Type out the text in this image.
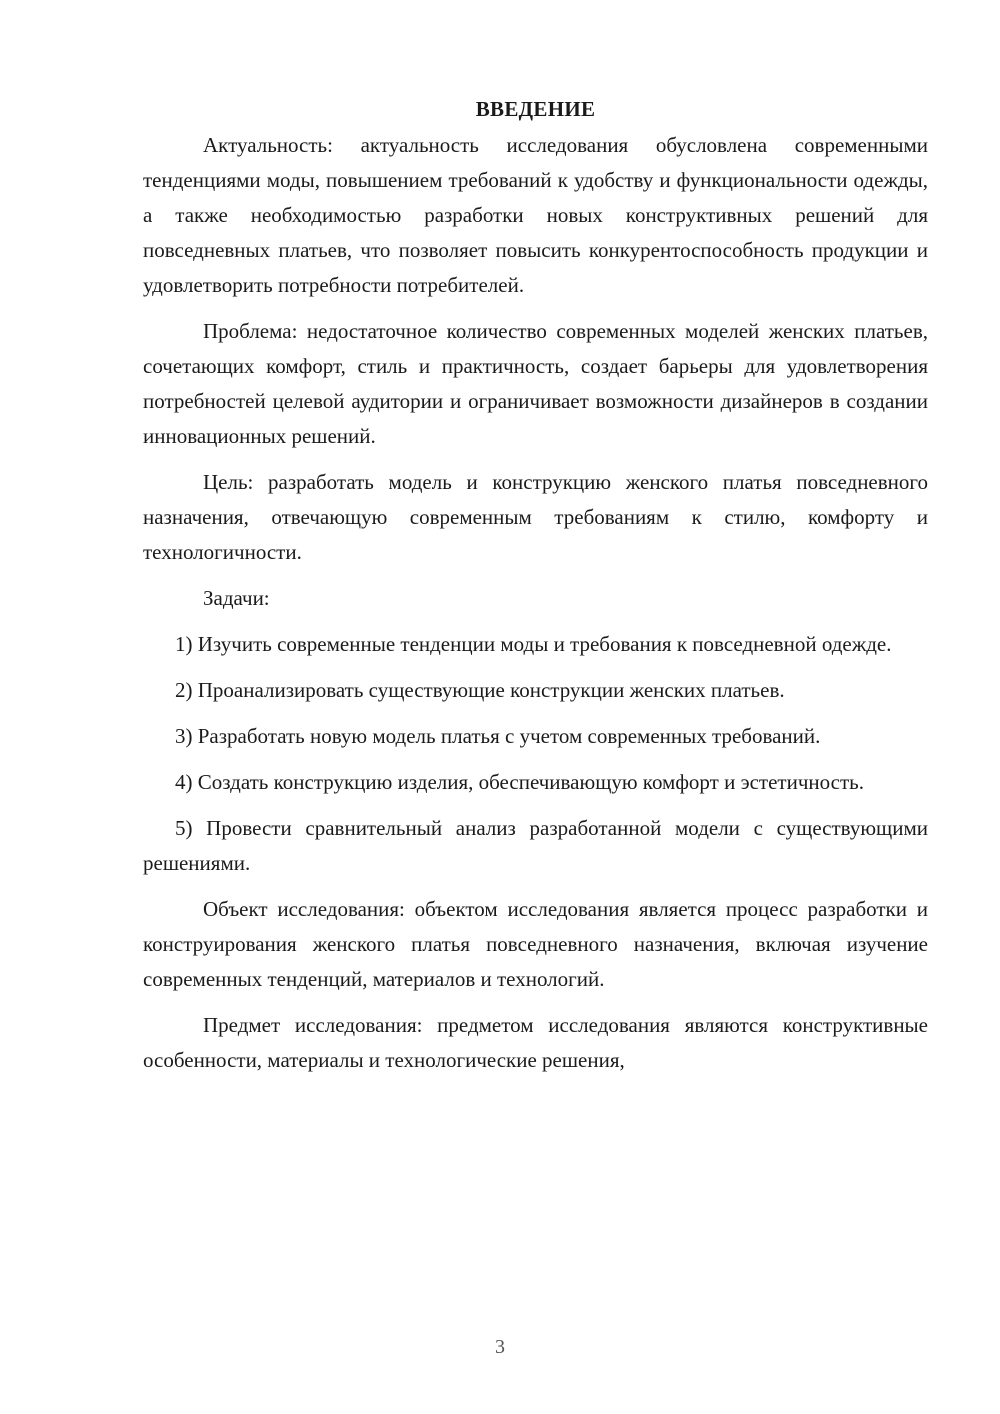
ВВЕДЕНИЕ

Актуальность: актуальность исследования обусловлена современными тенденциями моды, повышением требований к удобству и функциональности одежды, а также необходимостью разработки новых конструктивных решений для повседневных платьев, что позволяет повысить конкурентоспособность продукции и удовлетворить потребности потребителей.

Проблема: недостаточное количество современных моделей женских платьев, сочетающих комфорт, стиль и практичность, создает барьеры для удовлетворения потребностей целевой аудитории и ограничивает возможности дизайнеров в создании инновационных решений.

Цель: разработать модель и конструкцию женского платья повседневного назначения, отвечающую современным требованиям к стилю, комфорту и технологичности.

Задачи:

1) Изучить современные тенденции моды и требования к повседневной одежде.

2) Проанализировать существующие конструкции женских платьев.

3) Разработать новую модель платья с учетом современных требований.

4) Создать конструкцию изделия, обеспечивающую комфорт и эстетичность.

5) Провести сравнительный анализ разработанной модели с существующими решениями.

Объект исследования: объектом исследования является процесс разработки и конструирования женского платья повседневного назначения, включая изучение современных тенденций, материалов и технологий.

Предмет исследования: предметом исследования являются конструктивные особенности, материалы и технологические решения,

3
